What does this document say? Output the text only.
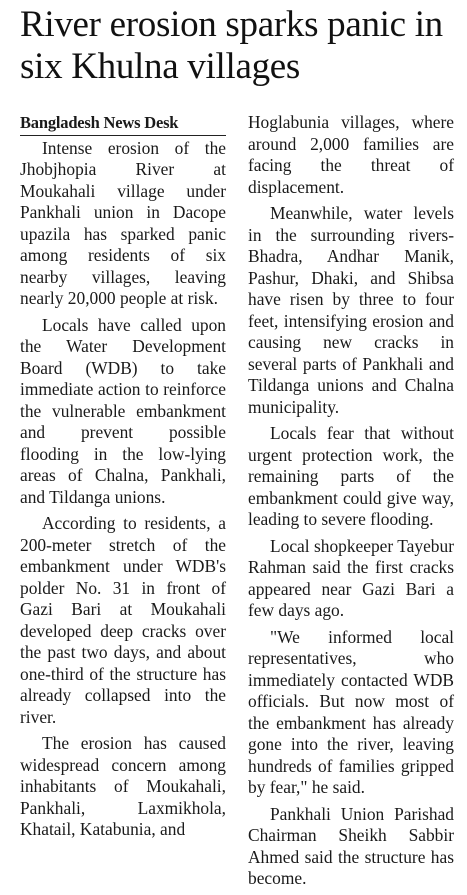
River erosion sparks panic in six Khulna villages
Bangladesh News Desk

Intense erosion of the Jhobjhopia River at Moukahali village under Pankhali union in Dacope upazila has sparked panic among residents of six nearby villages, leaving nearly 20,000 people at risk.

Locals have called upon the Water Development Board (WDB) to take immediate action to reinforce the vulnerable embankment and prevent possible flooding in the low-lying areas of Chalna, Pankhali, and Tildanga unions.

According to residents, a 200-meter stretch of the embankment under WDB's polder No. 31 in front of Gazi Bari at Moukahali developed deep cracks over the past two days, and about one-third of the structure has already collapsed into the river.

The erosion has caused widespread concern among inhabitants of Moukahali, Pankhali, Laxmikhola, Khatail, Katabunia, and

Hoglabunia villages, where around 2,000 families are facing the threat of displacement.

Meanwhile, water levels in the surrounding rivers-Bhadra, Andhar Manik, Pashur, Dhaki, and Shibsa have risen by three to four feet, intensifying erosion and causing new cracks in several parts of Pankhali and Tildanga unions and Chalna municipality.

Locals fear that without urgent protection work, the remaining parts of the embankment could give way, leading to severe flooding.

Local shopkeeper Tayebur Rahman said the first cracks appeared near Gazi Bari a few days ago.

"We informed local representatives, who immediately contacted WDB officials. But now most of the embankment has already gone into the river, leaving hundreds of families gripped by fear," he said.

Pankhali Union Parishad Chairman Sheikh Sabbir Ahmed said the structure has become.
